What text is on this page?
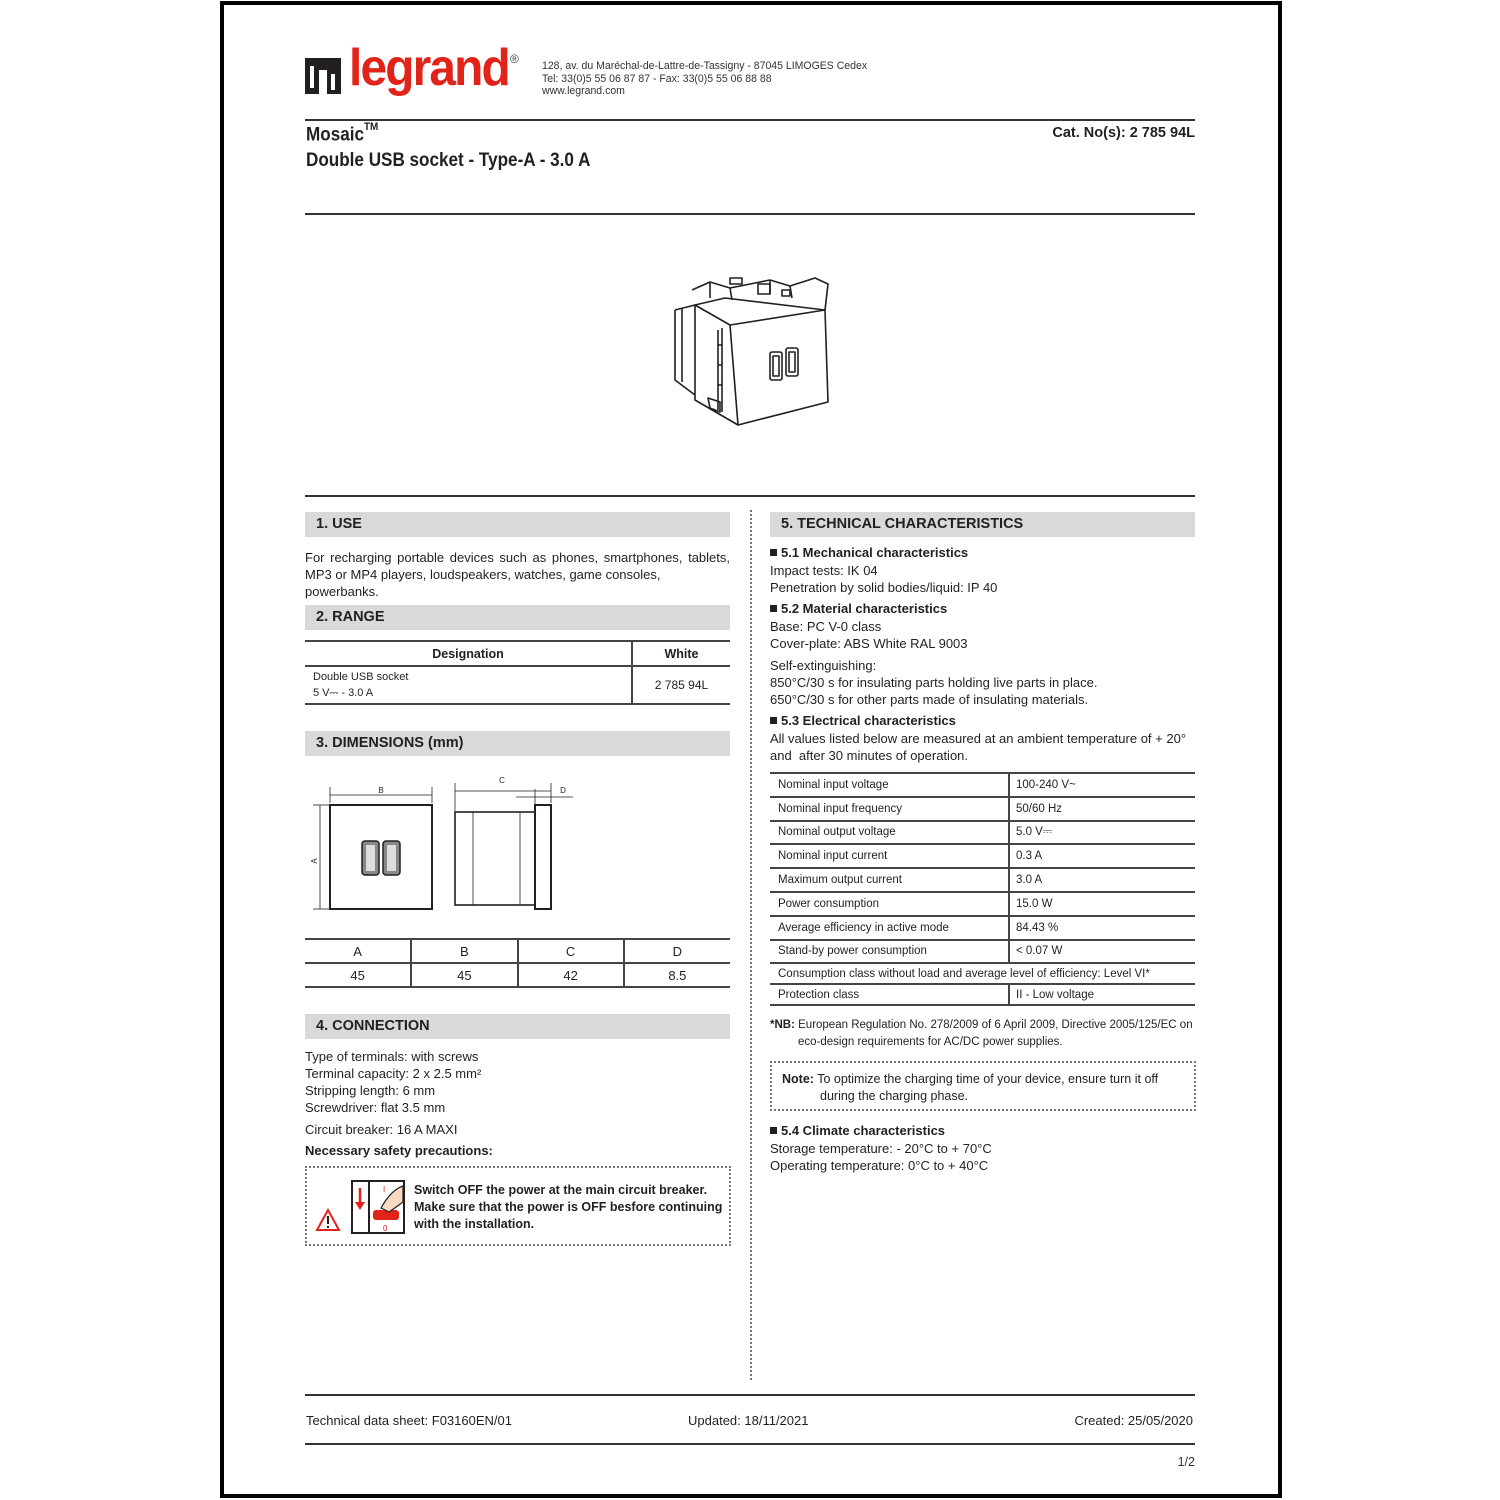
legrand ® 128, av. du Maréchal-de-Lattre-de-Tassigny - 87045 LIMOGES Cedex
Tel: 33(0)5 55 06 87 87 - Fax: 33(0)5 55 06 88 88
www.legrand.com
Mosaic™
Double USB socket - Type-A - 3.0 A
Cat. No(s): 2 785 94L
1. USE
For recharging portable devices such as phones, smartphones, tablets,
MP3 or MP4 players, loudspeakers, watches, game consoles, powerbanks.
2. RANGE
Designation	White

Double USB socket
5 V⎓ - 3.0 A	2 785 94L
3. DIMENSIONS (mm)
B
A
C
D
A	B	C	D
45	45	42	8.5
4. CONNECTION
Type of terminals: with screws
Terminal capacity: 2 x 2.5 mm²
Stripping length: 6 mm
Screwdriver: flat 3.5 mm
Circuit breaker: 16 A MAXI
Necessary safety precautions:
I
0
Switch OFF the power at the main circuit breaker.
Make sure that the power is OFF besfore continuing
with the installation.
5. TECHNICAL CHARACTERISTICS
5.1 Mechanical characteristics
Impact tests: IK 04
Penetration by solid bodies/liquid: IP 40
5.2 Material characteristics
Base: PC V-0 class
Cover-plate: ABS White RAL 9003
Self-extinguishing:
850°C/30 s for insulating parts holding live parts in place.
650°C/30 s for other parts made of insulating materials.
5.3 Electrical characteristics
All values listed below are measured at an ambient temperature of + 20°
and  after 30 minutes of operation.
Nominal input voltage	100-240 V~
Nominal input frequency	50/60 Hz
Nominal output voltage	5.0 V⎓
Nominal input current	0.3 A
Maximum output current	3.0 A
Power consumption	15.0 W
Average efficiency in active mode	84.43 %
Stand-by power consumption	< 0.07 W
Consumption class without load and average level of efficiency: Level VI*	
Protection class	II - Low voltage
*NB: European Regulation No. 278/2009 of 6 April 2009, Directive 2005/125/EC on
eco-design requirements for AC/DC power supplies.
Note: To optimize the charging time of your device, ensure turn it off
during the charging phase.
5.4 Climate characteristics
Storage temperature: - 20°C to + 70°C
Operating temperature: 0°C to + 40°C
Technical data sheet: F03160EN/01	Updated: 18/11/2021	Created: 25/05/2020
1/2
